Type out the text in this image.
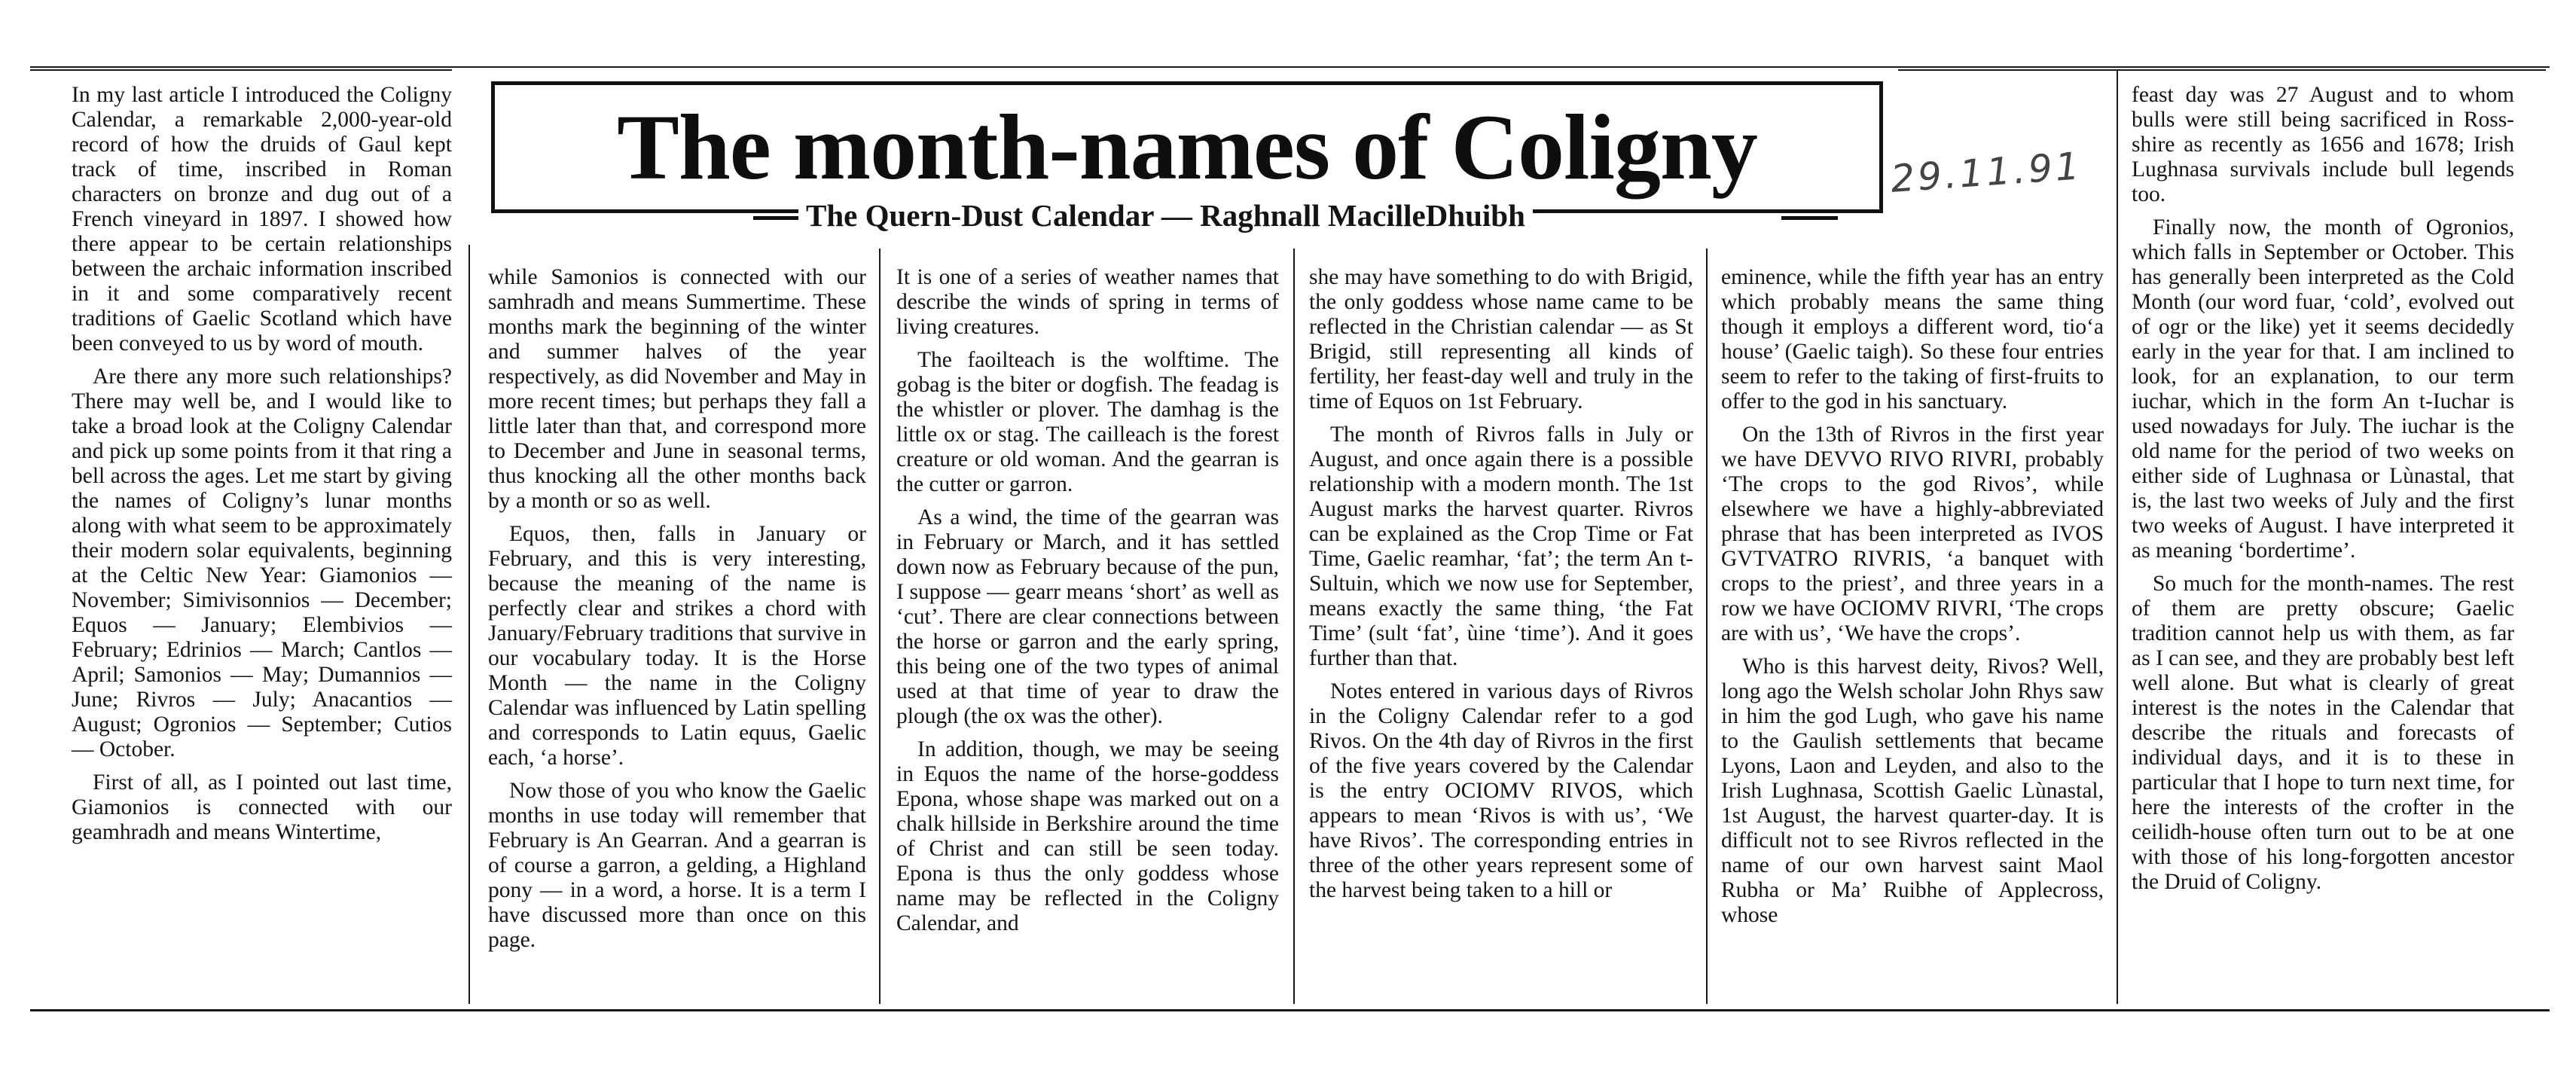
The month-names of Coligny	29.11.91
The Quern-Dust Calendar — Raghnall MacilleDhuibh

In my last article I introduced the Coligny Calendar, a remarkable 2,000-year-old record of how the druids of Gaul kept track of time, inscribed in Roman characters on bronze and dug out of a French vineyard in 1897. I showed how there appear to be certain relationships between the archaic information inscribed in it and some comparatively recent traditions of Gaelic Scotland which have been conveyed to us by word of mouth.

Are there any more such relationships? There may well be, and I would like to take a broad look at the Coligny Calendar and pick up some points from it that ring a bell across the ages. Let me start by giving the names of Coligny’s lunar months along with what seem to be approximately their modern solar equivalents, beginning at the Celtic New Year: Giamonios — November; Simivisonnios — December; Equos — January; Elembivios — February; Edrinios — March; Cantlos — April; Samonios — May; Dumannios — June; Rivros — July; Anacantios — August; Ogronios — September; Cutios — October.

First of all, as I pointed out last time, Giamonios is connected with our geamhradh and means Wintertime,

while Samonios is connected with our samhradh and means Summertime. These months mark the beginning of the winter and summer halves of the year respectively, as did November and May in more recent times; but perhaps they fall a little later than that, and correspond more to December and June in seasonal terms, thus knocking all the other months back by a month or so as well.

Equos, then, falls in January or February, and this is very interesting, because the meaning of the name is perfectly clear and strikes a chord with January/February traditions that survive in our vocabulary today. It is the Horse Month — the name in the Coligny Calendar was influenced by Latin spelling and corresponds to Latin equus, Gaelic each, ‘a horse’.

Now those of you who know the Gaelic months in use today will remember that February is An Gearran. And a gearran is of course a garron, a gelding, a Highland pony — in a word, a horse. It is a term I have discussed more than once on this page.

It is one of a series of weather names that describe the winds of spring in terms of living creatures.

The faoilteach is the wolftime. The gobag is the biter or dogfish. The feadag is the whistler or plover. The damhag is the little ox or stag. The cailleach is the forest creature or old woman. And the gearran is the cutter or garron.

As a wind, the time of the gearran was in February or March, and it has settled down now as February because of the pun, I suppose — gearr means ‘short’ as well as ‘cut’. There are clear connections between the horse or garron and the early spring, this being one of the two types of animal used at that time of year to draw the plough (the ox was the other).

In addition, though, we may be seeing in Equos the name of the horse-goddess Epona, whose shape was marked out on a chalk hillside in Berkshire around the time of Christ and can still be seen today. Epona is thus the only goddess whose name may be reflected in the Coligny Calendar, and

she may have something to do with Brigid, the only goddess whose name came to be reflected in the Christian calendar — as St Brigid, still representing all kinds of fertility, her feast-day well and truly in the time of Equos on 1st February.

The month of Rivros falls in July or August, and once again there is a possible relationship with a modern month. The 1st August marks the harvest quarter. Rivros can be explained as the Crop Time or Fat Time, Gaelic reamhar, ‘fat’; the term An t-Sultuin, which we now use for September, means exactly the same thing, ‘the Fat Time’ (sult ‘fat’, ùine ‘time’). And it goes further than that.

Notes entered in various days of Rivros in the Coligny Calendar refer to a god Rivos. On the 4th day of Rivros in the first of the five years covered by the Calendar is the entry OCIOMV RIVOS, which appears to mean ‘Rivos is with us’, ‘We have Rivos’. The corresponding entries in three of the other years represent some of the harvest being taken to a hill or

eminence, while the fifth year has an entry which probably means the same thing though it employs a different word, tio‘a house’ (Gaelic taigh). So these four entries seem to refer to the taking of first-fruits to offer to the god in his sanctuary.

On the 13th of Rivros in the first year we have DEVVO RIVO RIVRI, probably ‘The crops to the god Rivos’, while elsewhere we have a highly-abbreviated phrase that has been interpreted as IVOS GVTVATRO RIVRIS, ‘a banquet with crops to the priest’, and three years in a row we have OCIOMV RIVRI, ‘The crops are with us’, ‘We have the crops’.

Who is this harvest deity, Rivos? Well, long ago the Welsh scholar John Rhys saw in him the god Lugh, who gave his name to the Gaulish settlements that became Lyons, Laon and Leyden, and also to the Irish Lughnasa, Scottish Gaelic Lùnastal, 1st August, the harvest quarter-day. It is difficult not to see Rivros reflected in the name of our own harvest saint Maol Rubha or Ma’ Ruibhe of Applecross, whose

feast day was 27 August and to whom bulls were still being sacrificed in Ross-shire as recently as 1656 and 1678; Irish Lughnasa survivals include bull legends too.

Finally now, the month of Ogronios, which falls in September or October. This has generally been interpreted as the Cold Month (our word fuar, ‘cold’, evolved out of ogr or the like) yet it seems decidedly early in the year for that. I am inclined to look, for an explanation, to our term iuchar, which in the form An t-Iuchar is used nowadays for July. The iuchar is the old name for the period of two weeks on either side of Lughnasa or Lùnastal, that is, the last two weeks of July and the first two weeks of August. I have interpreted it as meaning ‘bordertime’.

So much for the month-names. The rest of them are pretty obscure; Gaelic tradition cannot help us with them, as far as I can see, and they are probably best left well alone. But what is clearly of great interest is the notes in the Calendar that describe the rituals and forecasts of individual days, and it is to these in particular that I hope to turn next time, for here the interests of the crofter in the ceilidh-house often turn out to be at one with those of his long-forgotten ancestor the Druid of Coligny.
